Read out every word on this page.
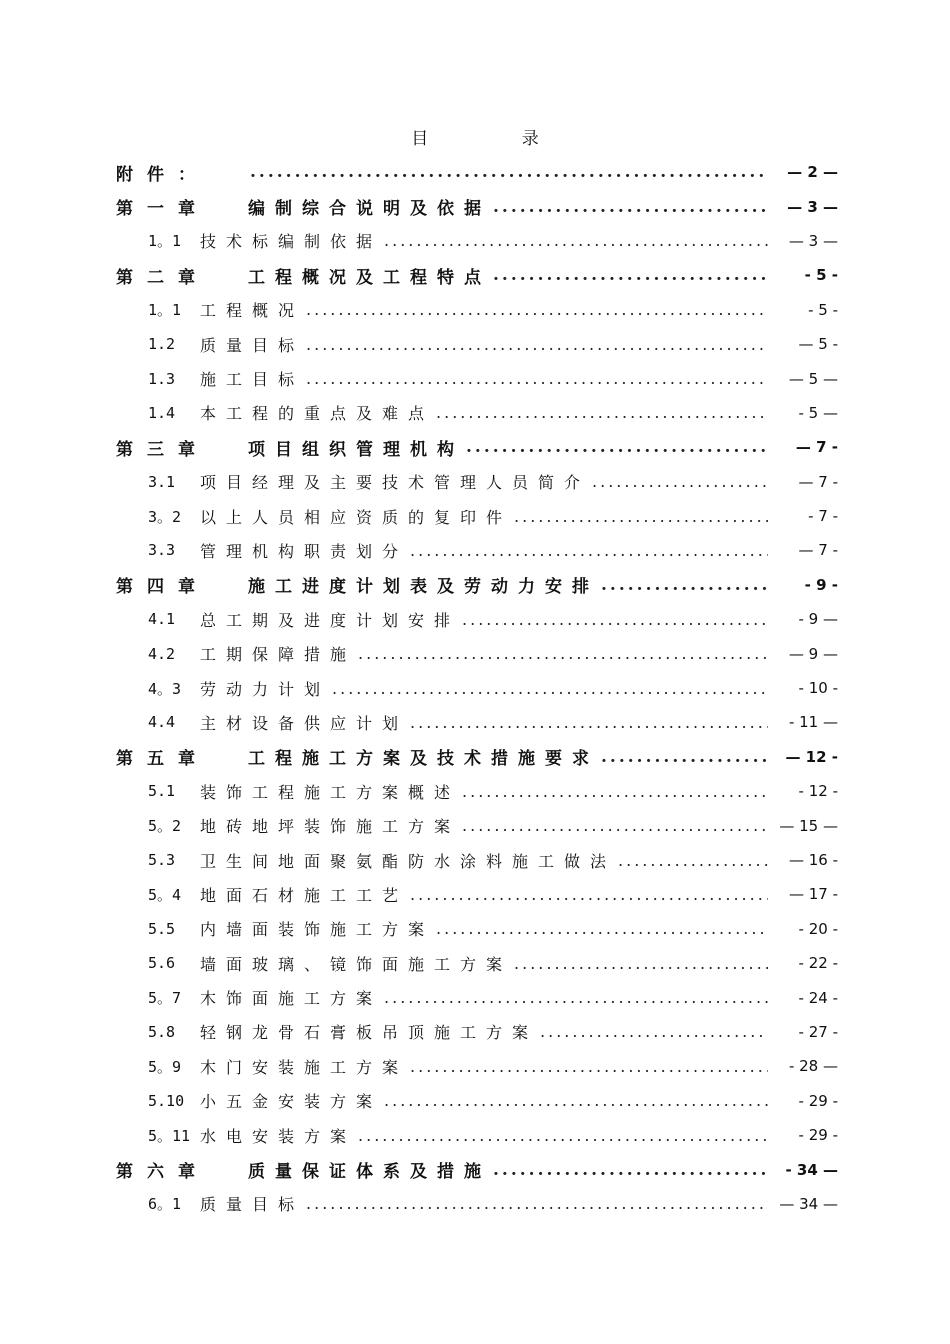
目 录
附件： .....	— 2 —
第一章	编制综合说明及依据 .....	— 3 —
1。1	技术标编制依据 .....	— 3 —
第二章	工程概况及工程特点 .....	- 5 -
1。1	工程概况 .....	- 5 -
1.2	质量目标 .....	— 5 -
1.3	施工目标 .....	— 5 —
1.4	本工程的重点及难点 .....	- 5 —
第三章	项目组织管理机构 .....	— 7 -
3.1	项目经理及主要技术管理人员简介 .....	— 7 -
3。2	以上人员相应资质的复印件 .....	- 7 -
3.3	管理机构职责划分 .....	— 7 -
第四章	施工进度计划表及劳动力安排 .....	- 9 -
4.1	总工期及进度计划安排 .....	- 9 —
4.2	工期保障措施 .....	— 9 —
4。3	劳动力计划 .....	- 10 -
4.4	主材设备供应计划 .....	- 11 —
第五章	工程施工方案及技术措施要求 .....	— 12 -
5.1	装饰工程施工方案概述 .....	- 12 -
5。2	地砖地坪装饰施工方案 .....	— 15 —
5.3	卫生间地面聚氨酯防水涂料施工做法 .....	— 16 -
5。4	地面石材施工工艺 .....	— 17 -
5.5	内墙面装饰施工方案 .....	- 20 -
5.6	墙面玻璃、镜饰面施工方案 .....	- 22 -
5。7	木饰面施工方案 .....	- 24 -
5.8	轻钢龙骨石膏板吊顶施工方案 .....	- 27 -
5。9	木门安装施工方案 .....	- 28 —
5.10 小五金安装方案 .....	- 29 -
5。11 水电安装方案 .....	- 29 -
第六章	质量保证体系及措施 .....	- 34 —
6。1	质量目标 .....	— 34 —
